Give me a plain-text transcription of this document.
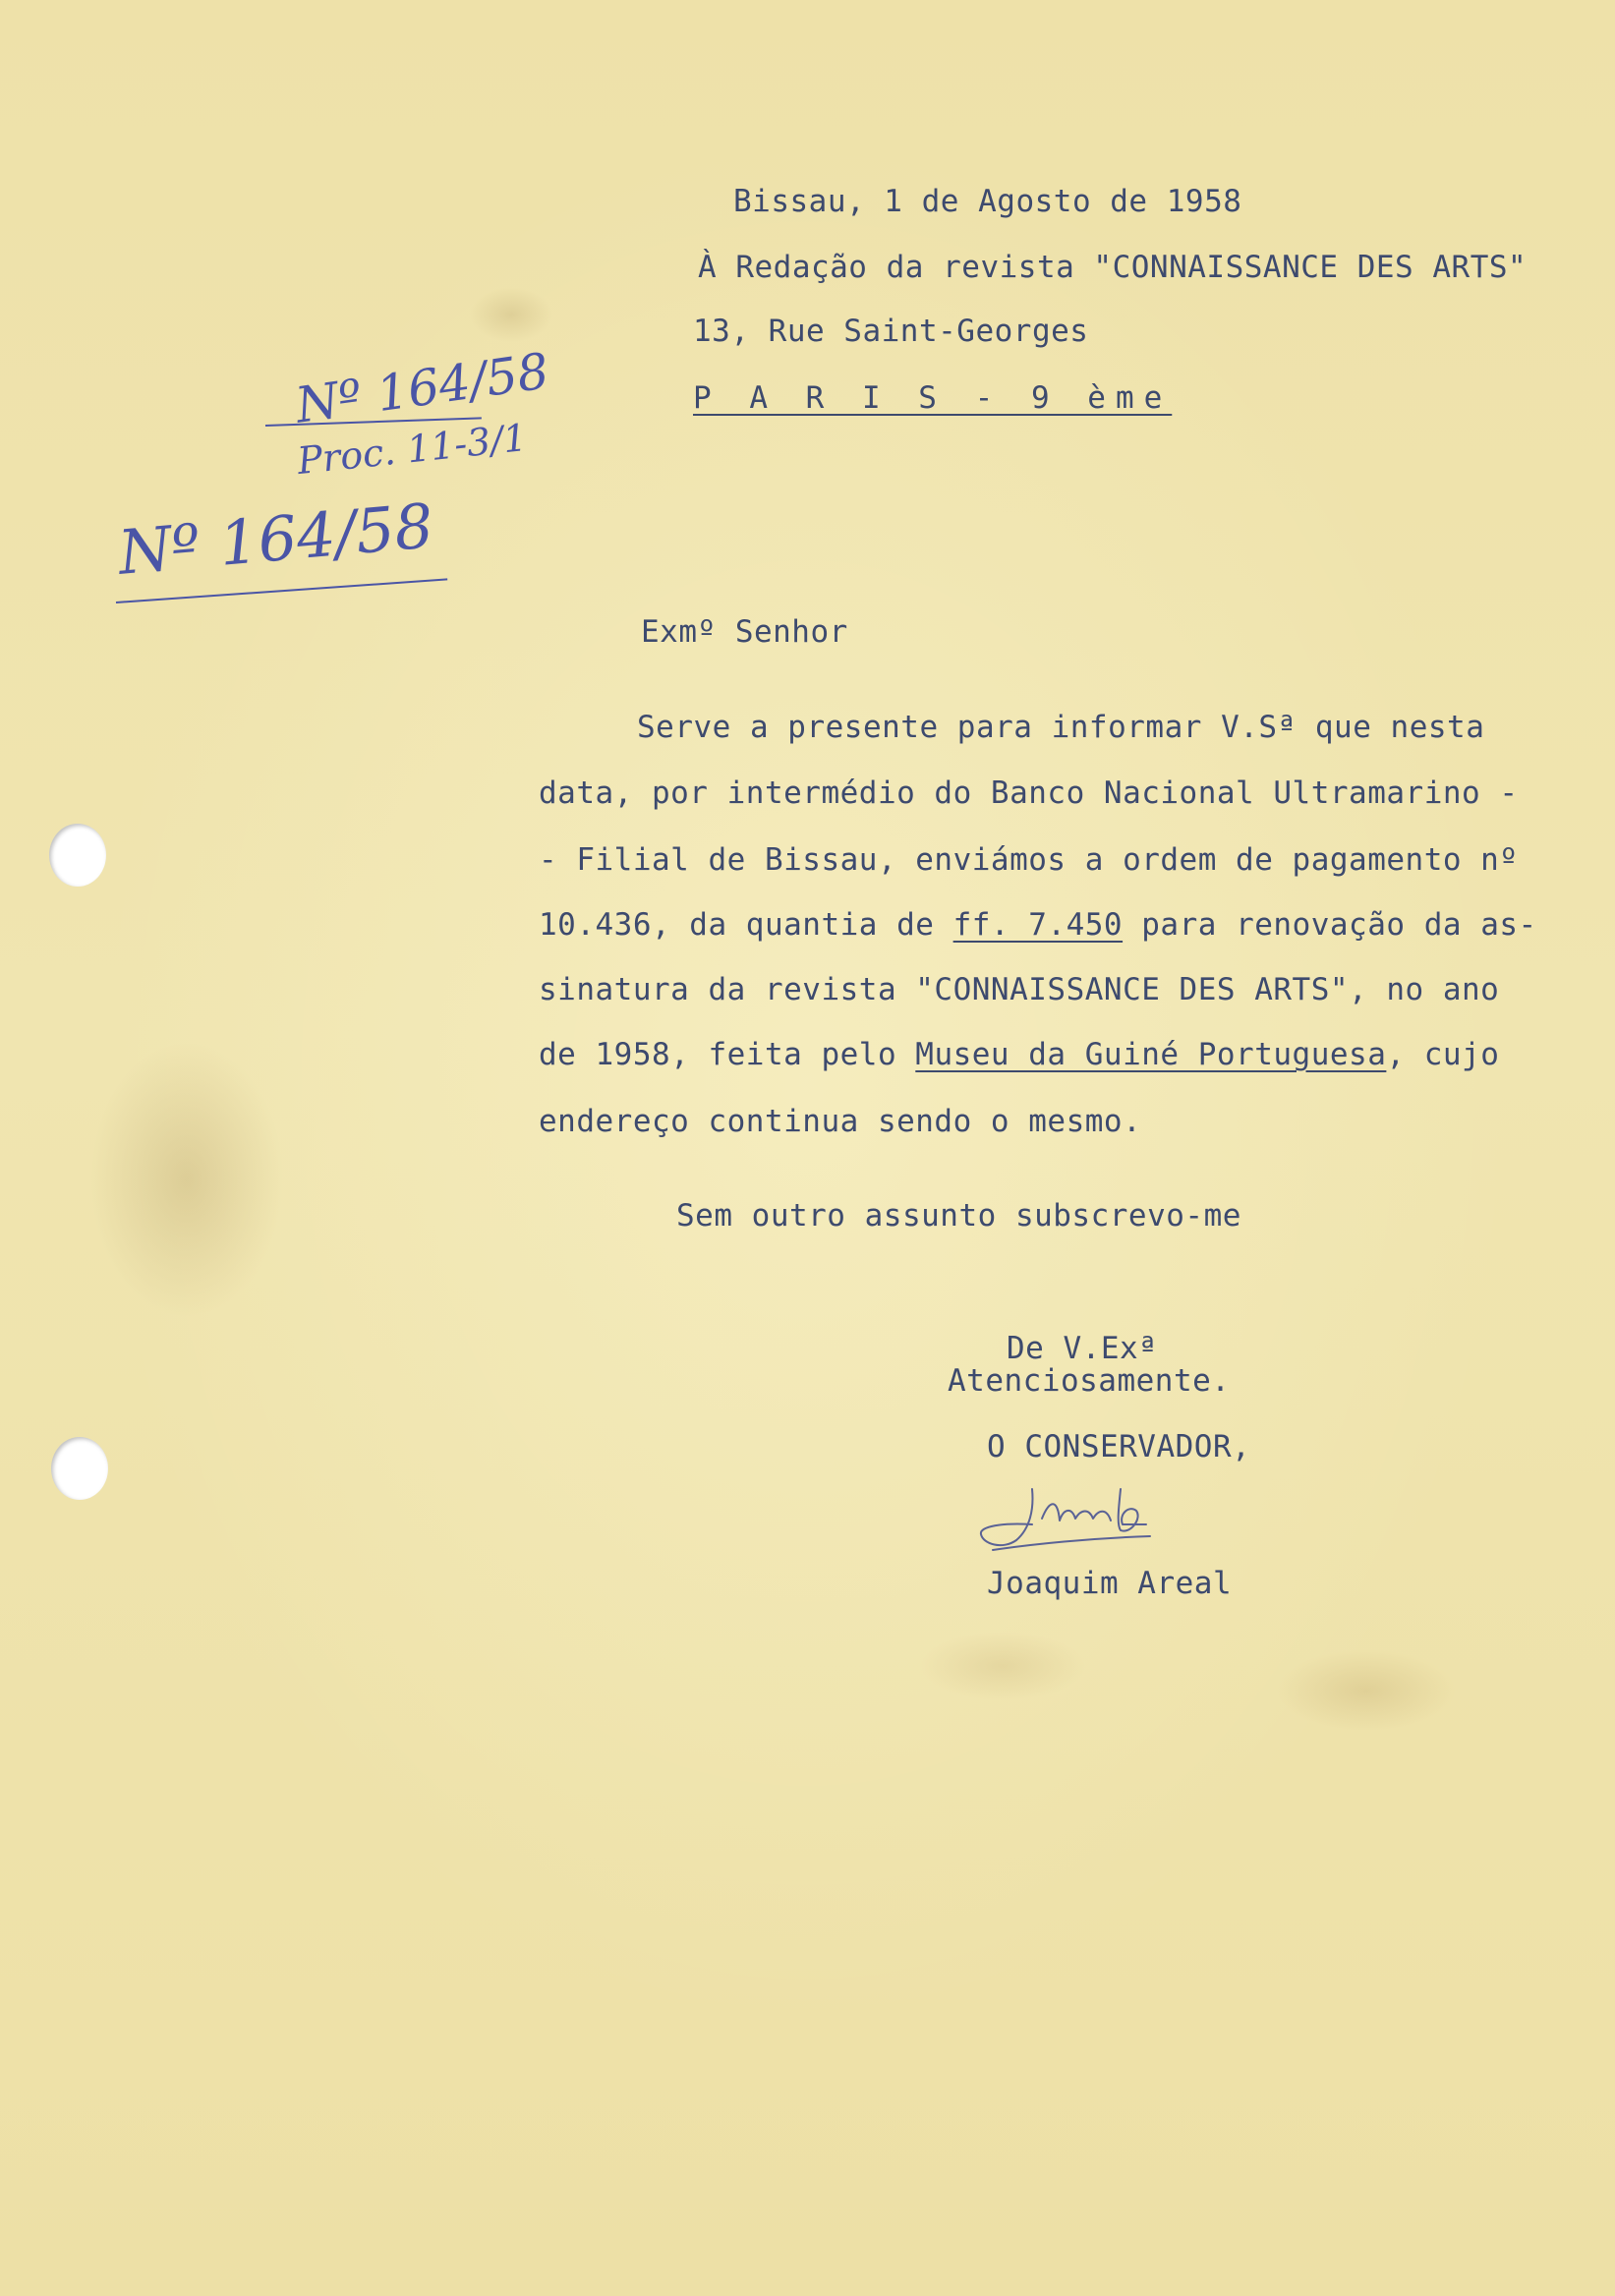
Bissau, 1 de Agosto de 1958
À Redação da revista "CONNAISSANCE DES ARTS"
13, Rue Saint-Georges
P A R I S - 9 ème
Nº 164/58
Proc. 11-3/1
Nº 164/58
Exmº Senhor
Serve a presente para informar V.Sª que nesta
data, por intermédio do Banco Nacional Ultramarino -
- Filial de Bissau, enviámos a ordem de pagamento nº
10.436, da quantia de ff. 7.450 para renovação da as-
sinatura da revista "CONNAISSANCE DES ARTS", no ano
de 1958, feita pelo Museu da Guiné Portuguesa, cujo
endereço continua sendo o mesmo.
Sem outro assunto subscrevo-me
De V.Exª
Atenciosamente.
O CONSERVADOR,
Joaquim Areal
